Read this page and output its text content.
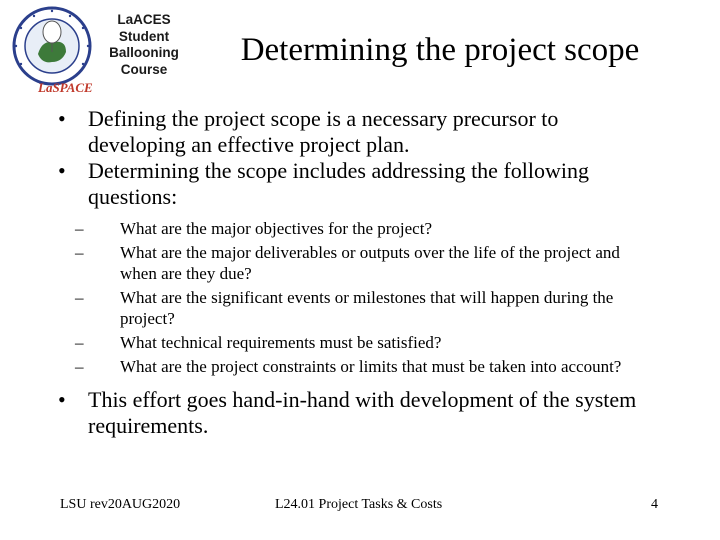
LaSPACE
LaACES
Student
Ballooning
Course
Determining the project scope
• Defining the project scope is a necessary precursor to developing an effective project plan.
• Determining the scope includes addressing the following questions:
– What are the major objectives for the project?
– What are the major deliverables or outputs over the life of the project and when are they due?
– What are the significant events or milestones that will happen during the project?
– What technical requirements must be satisfied?
– What are the project constraints or limits that must be taken into account?
• This effort goes hand-in-hand with development of the system requirements.
LSU rev20AUG2020	L24.01 Project Tasks & Costs	4
